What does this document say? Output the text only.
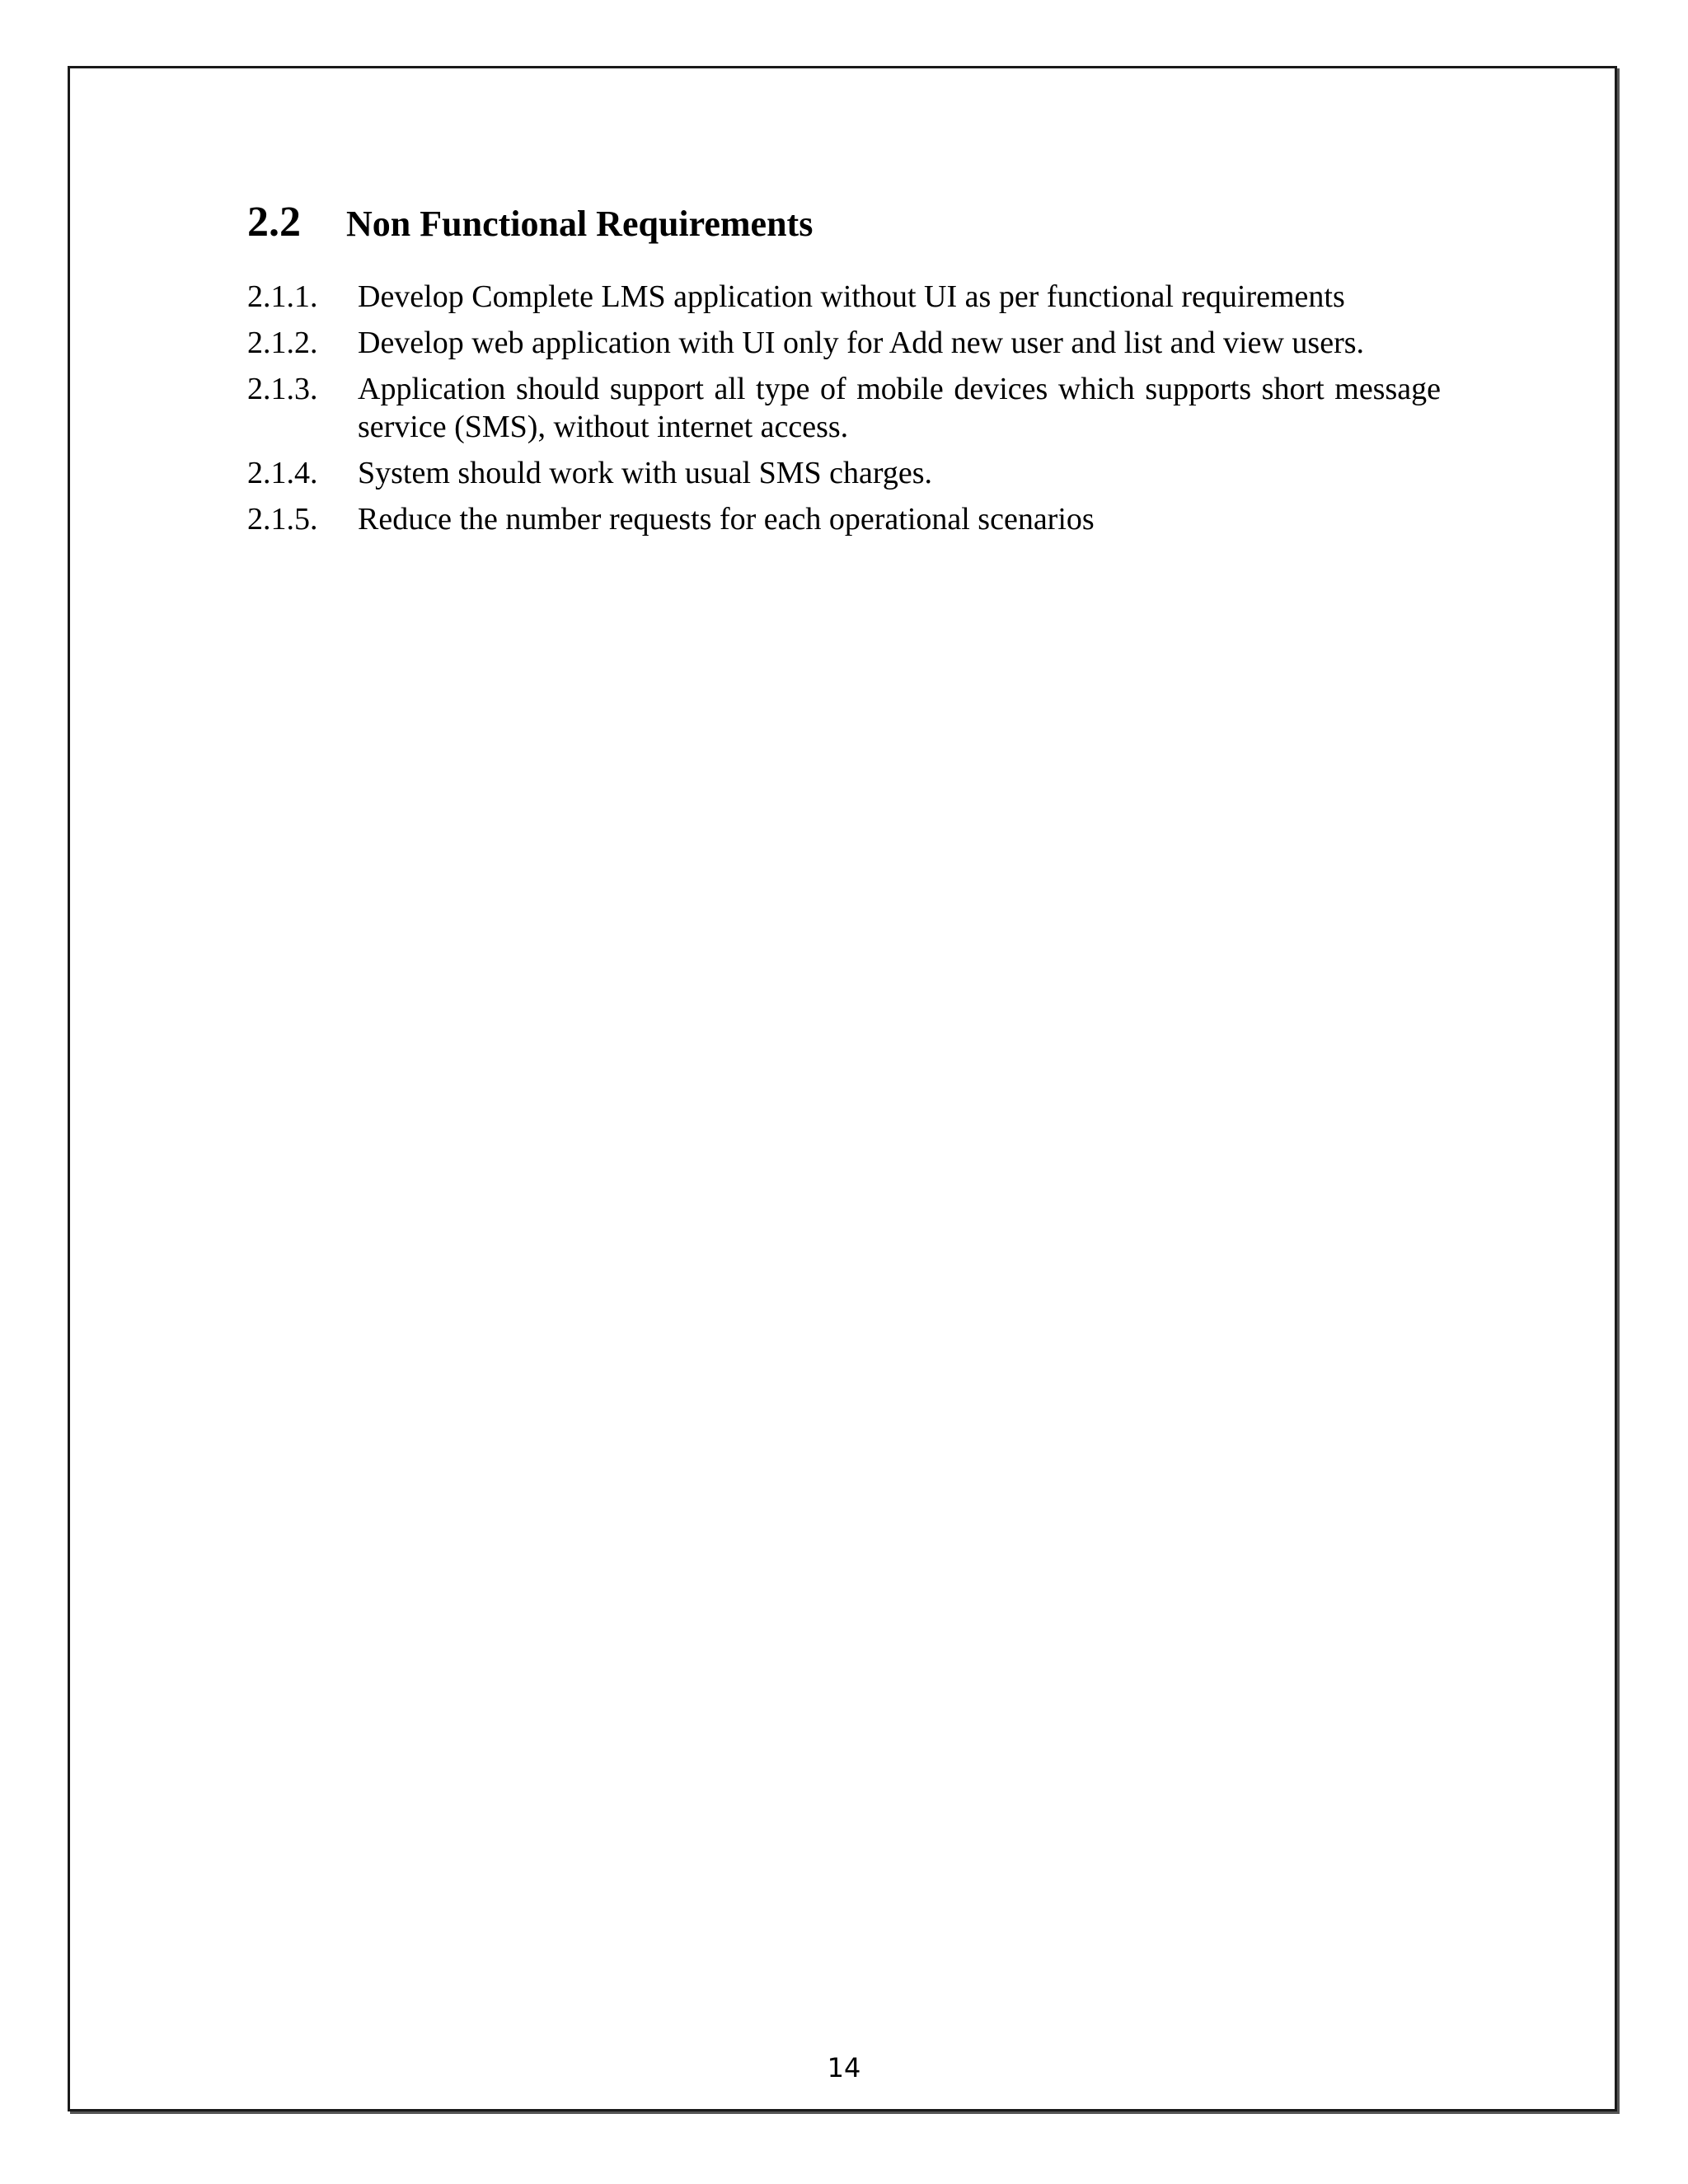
2.2 Non Functional Requirements
2.1.1.	Develop Complete LMS application without UI as per functional requirements
2.1.2.	Develop web application with UI only for Add new user and list and view users.
2.1.3.	Application should support all type of mobile devices which supports short message service (SMS), without internet access.
2.1.4.	System should work with usual SMS charges.
2.1.5.	Reduce the number requests for each operational scenarios
14
